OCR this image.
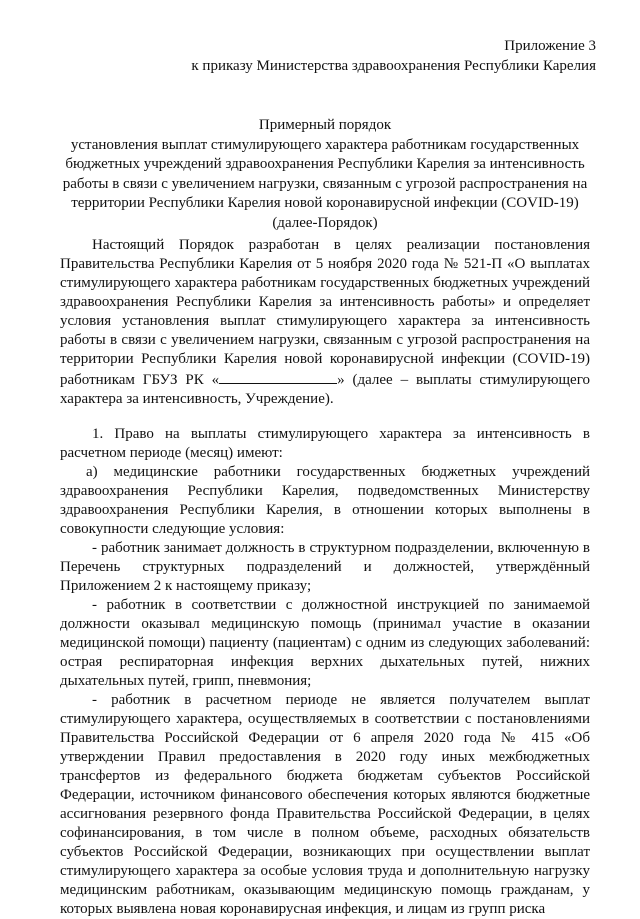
Приложение 3
к приказу Министерства здравоохранения Республики Карелия
Примерный порядок
установления выплат стимулирующего характера работникам государственных бюджетных учреждений здравоохранения Республики Карелия за интенсивность работы в связи с увеличением нагрузки, связанным с угрозой распространения на территории Республики Карелия новой коронавирусной инфекции (COVID-19)
(далее-Порядок)

Настоящий Порядок разработан в целях реализации постановления Правительства Республики Карелия от 5 ноября 2020 года № 521-П «О выплатах стимулирующего характера работникам государственных бюджетных учреждений здравоохранения Республики Карелия за интенсивность работы» и определяет условия установления выплат стимулирующего характера за интенсивность работы в связи с увеличением нагрузки, связанным с угрозой распространения на территории Республики Карелия новой коронавирусной инфекции (COVID-19) работникам ГБУЗ РК «	» (далее – выплаты стимулирующего характера за интенсивность, Учреждение).

1. Право на выплаты стимулирующего характера за интенсивность в расчетном периоде (месяц) имеют:

а) медицинские работники государственных бюджетных учреждений здравоохранения Республики Карелия, подведомственных Министерству здравоохранения Республики Карелия, в отношении которых выполнены в совокупности следующие условия:

- работник занимает должность в структурном подразделении, включенную в Перечень структурных подразделений и должностей, утверждённый Приложением 2 к настоящему приказу;

- работник в соответствии с должностной инструкцией по занимаемой должности оказывал медицинскую помощь (принимал участие в оказании медицинской помощи) пациенту (пациентам) с одним из следующих заболеваний: острая респираторная инфекция верхних дыхательных путей, нижних дыхательных путей, грипп, пневмония;

- работник в расчетном периоде не является получателем выплат стимулирующего характера, осуществляемых в соответствии с постановлениями Правительства Российской Федерации от 6 апреля 2020 года № 415 «Об утверждении Правил предоставления в 2020 году иных межбюджетных трансфертов из федерального бюджета бюджетам субъектов Российской Федерации, источником финансового обеспечения которых являются бюджетные ассигнования резервного фонда Правительства Российской Федерации, в целях софинансирования, в том числе в полном объеме, расходных обязательств субъектов Российской Федерации, возникающих при осуществлении выплат стимулирующего характера за особые условия труда и дополнительную нагрузку медицинским работникам, оказывающим медицинскую помощь гражданам, у которых выявлена новая коронавирусная инфекция, и лицам из групп риска
